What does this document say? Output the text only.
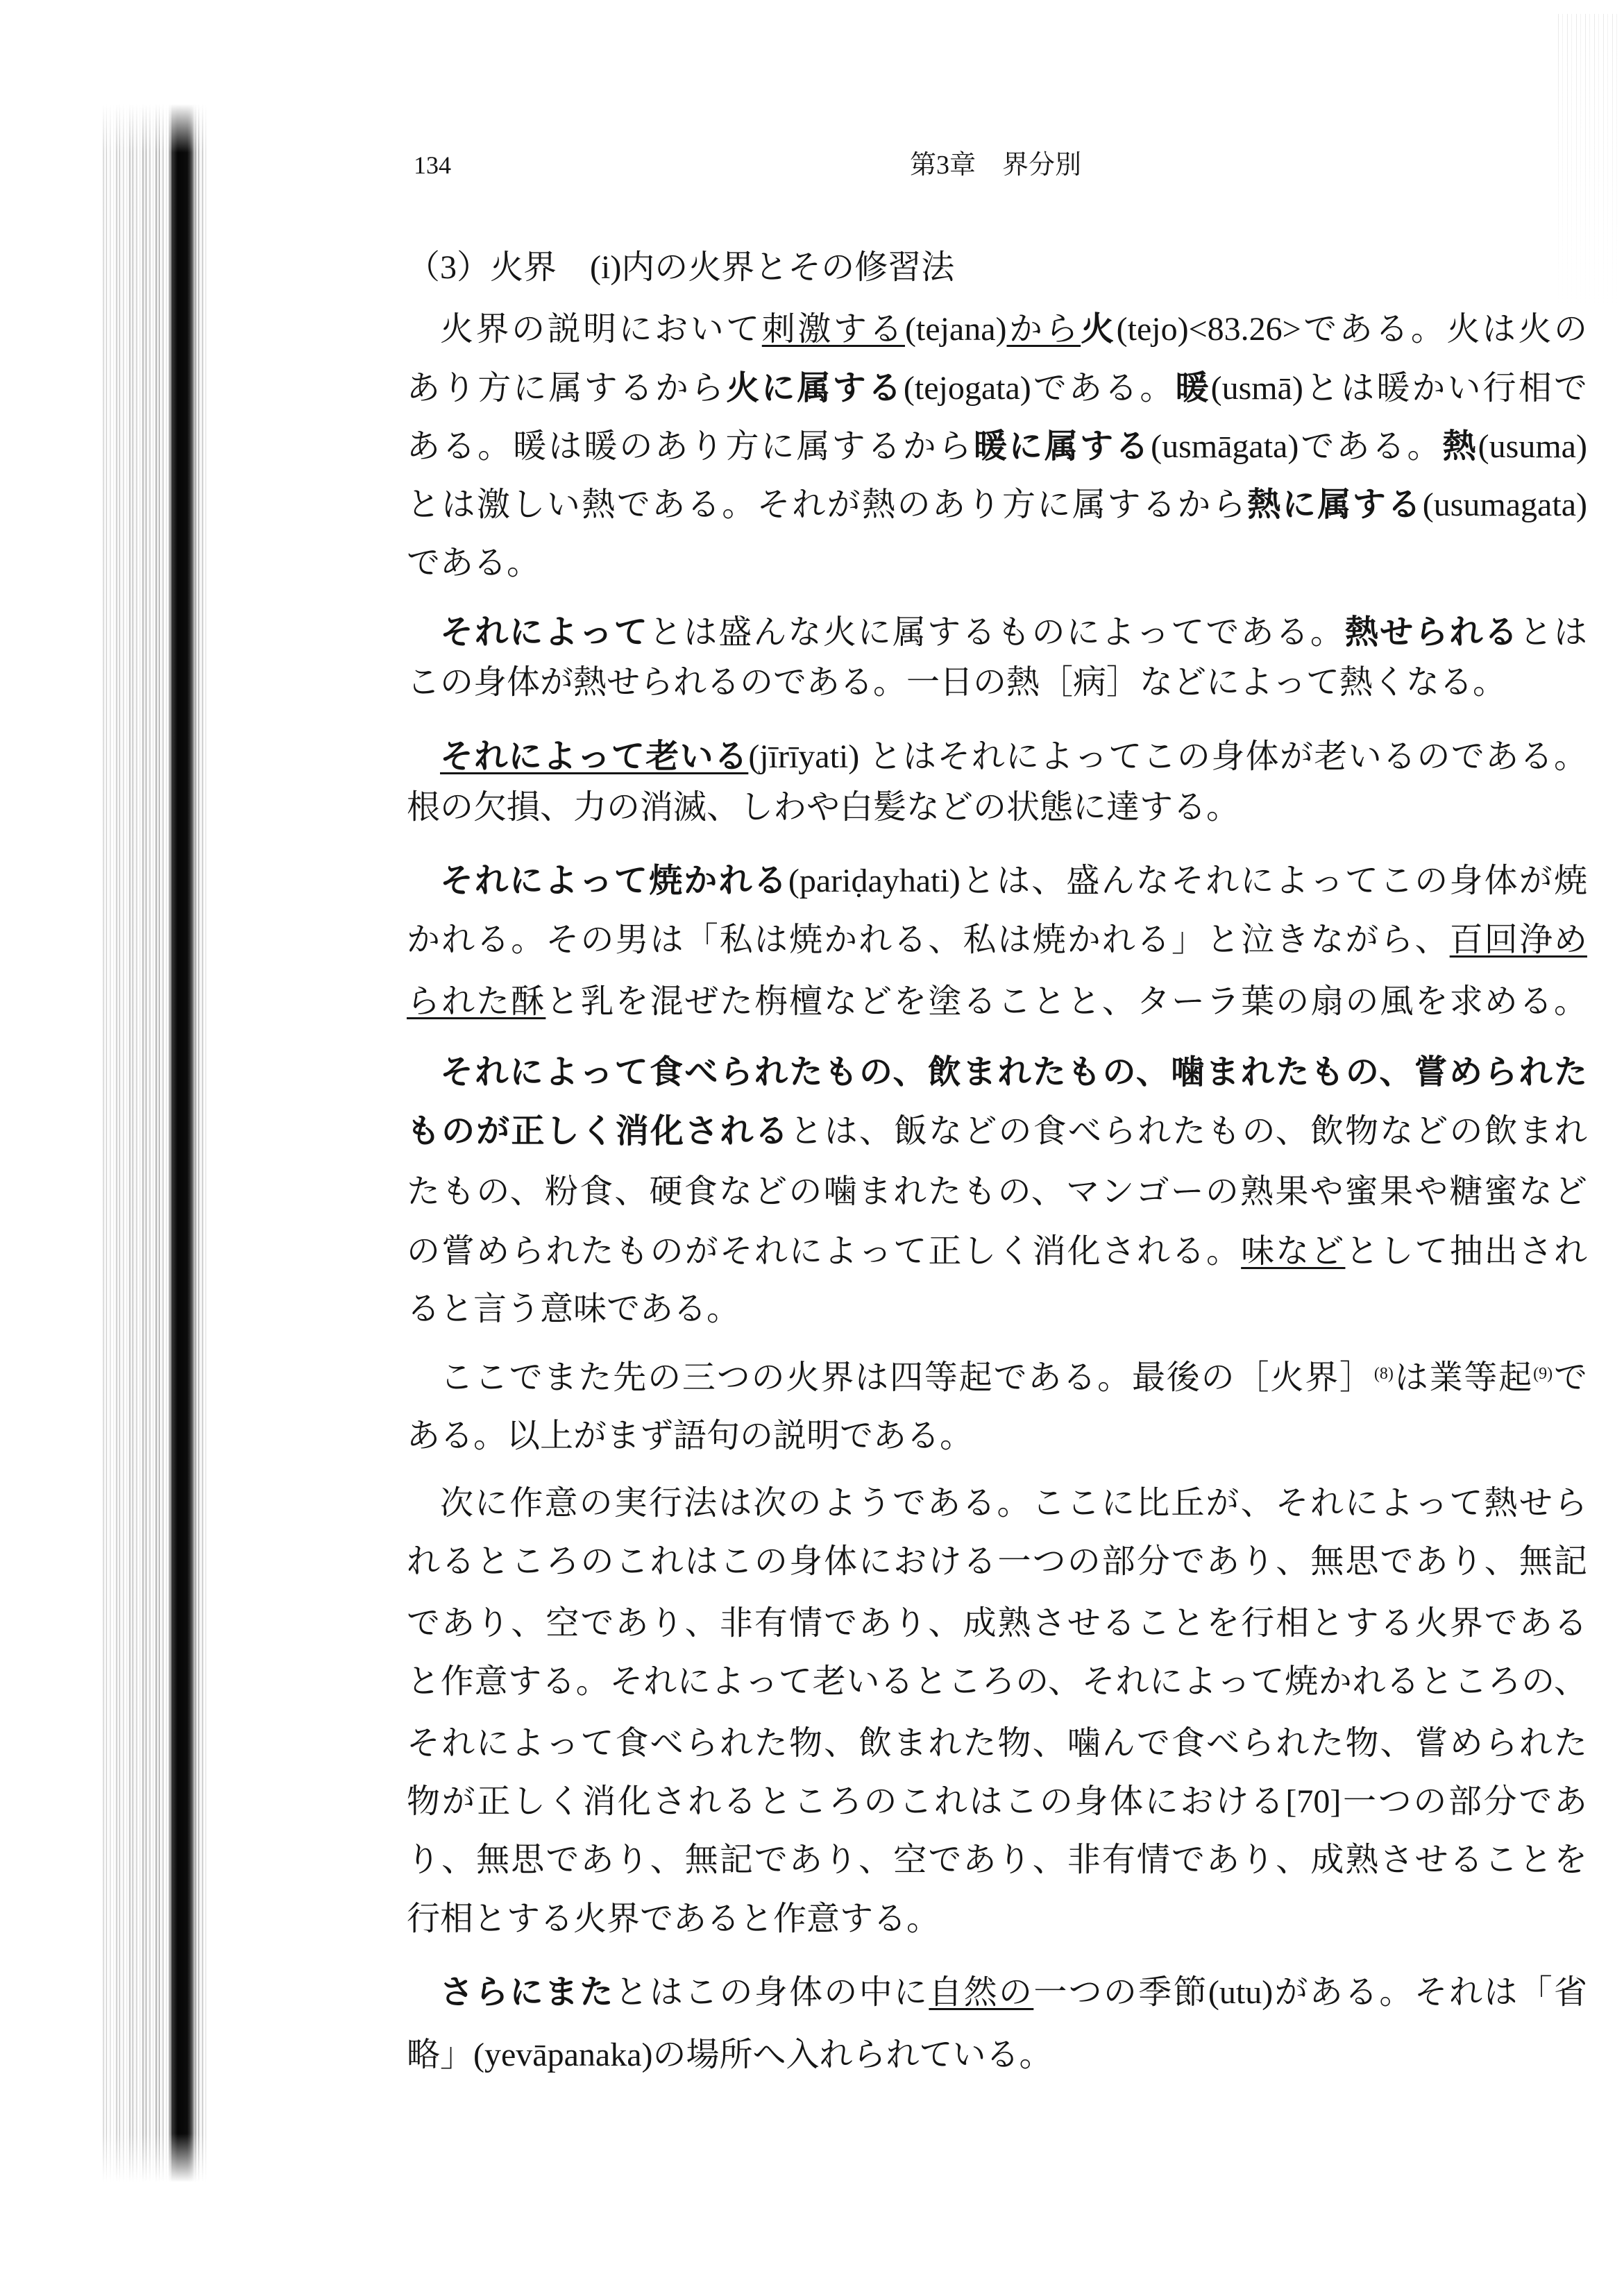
134	第3章　界分別
（3）火界　(i)内の火界とその修習法
火界の説明において刺激する(tejana)から火(tejo)<83.26>である。火は火の
あり方に属するから火に属する(tejogata)である。暖(usmā)とは暖かい行相で
ある。暖は暖のあり方に属するから暖に属する(usmāgata)である。熱(usuma)
とは激しい熱である。それが熱のあり方に属するから熱に属する(usumagata)
である。
それによってとは盛んな火に属するものによってである。熱せられるとは
この身体が熱せられるのである。一日の熱［病］などによって熱くなる。
それによって老いる(jīrīyati) とはそれによってこの身体が老いるのである。
根の欠損、力の消滅、しわや白髪などの状態に達する。
それによって焼かれる(pariḍayhati)とは、盛んなそれによってこの身体が焼
かれる。その男は「私は焼かれる、私は焼かれる」と泣きながら、百回浄め
られた酥と乳を混ぜた栴檀などを塗ることと、ターラ葉の扇の風を求める。
それによって食べられたもの、飲まれたもの、噛まれたもの、嘗められた
ものが正しく消化されるとは、飯などの食べられたもの、飲物などの飲まれ
たもの、粉食、硬食などの噛まれたもの、マンゴーの熟果や蜜果や糖蜜など
の嘗められたものがそれによって正しく消化される。味などとして抽出され
ると言う意味である。
ここでまた先の三つの火界は四等起である。最後の［火界］$^{(8)}$は業等起$^{(9)}$で
ある。以上がまず語句の説明である。
次に作意の実行法は次のようである。ここに比丘が、それによって熱せら
れるところのこれはこの身体における一つの部分であり、無思であり、無記
であり、空であり、非有情であり、成熟させることを行相とする火界である
と作意する。それによって老いるところの、それによって焼かれるところの、
それによって食べられた物、飲まれた物、噛んで食べられた物、嘗められた
物が正しく消化されるところのこれはこの身体における[70]一つの部分であ
り、無思であり、無記であり、空であり、非有情であり、成熟させることを
行相とする火界であると作意する。
さらにまたとはこの身体の中に自然の一つの季節(utu)がある。それは「省
略」(yevāpanaka)の場所へ入れられている。
